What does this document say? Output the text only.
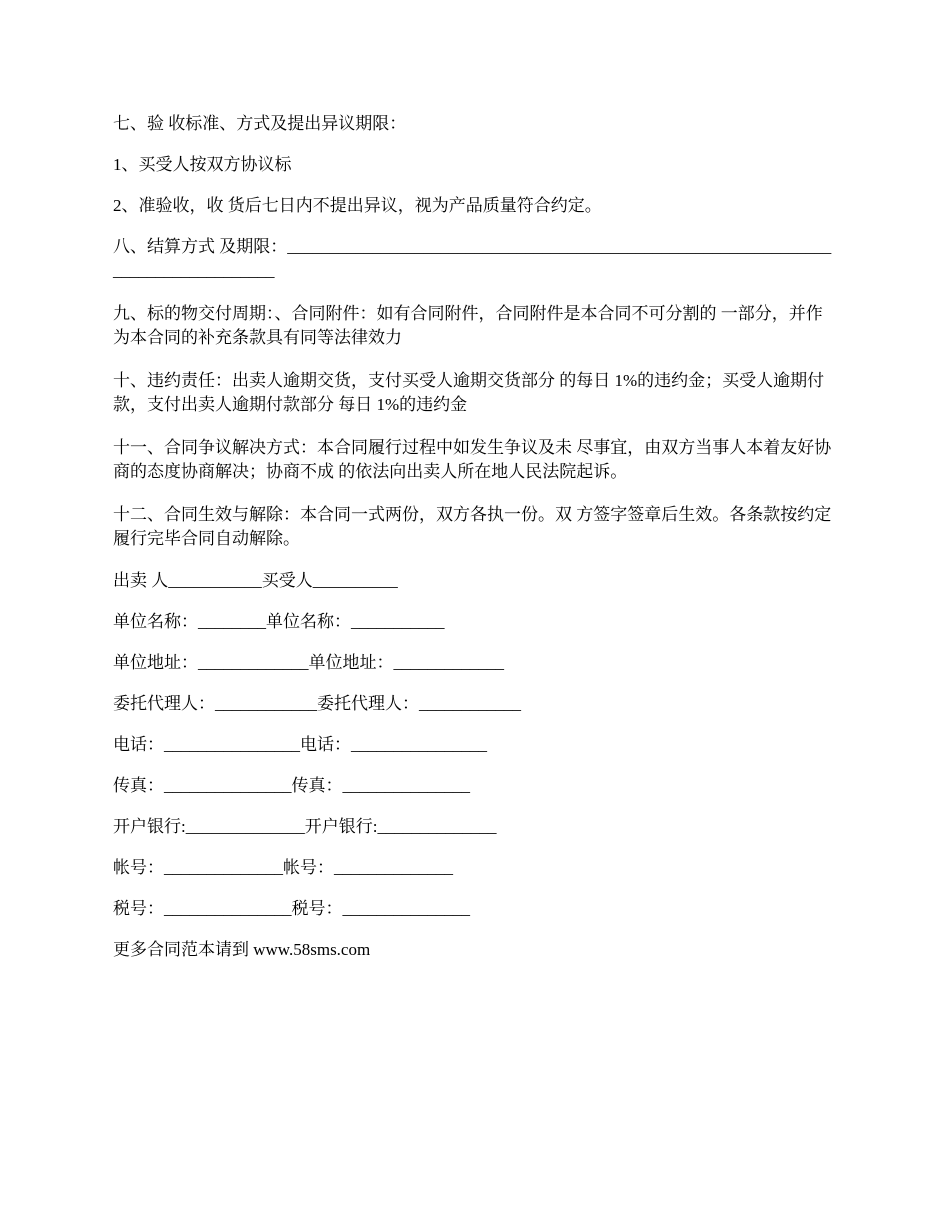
七、验 收标准、方式及提出异议期限：

1、买受人按双方协议标

2、准验收，收 货后七日内不提出异议，视为产品质量符合约定。

八、结算方式 及期限：___________________________________________________________________________________

九、标的物交付周期：、合同附件：如有合同附件，合同附件是本合同不可分割的 一部分，并作为本合同的补充条款具有同等法律效力

十、违约责任：出卖人逾期交货，支付买受人逾期交货部分 的每日 1%的违约金；买受人逾期付款，支付出卖人逾期付款部分 每日 1%的违约金

十一、合同争议解决方式：本合同履行过程中如发生争议及未 尽事宜，由双方当事人本着友好协商的态度协商解决；协商不成 的依法向出卖人所在地人民法院起诉。

十二、合同生效与解除：本合同一式两份，双方各执一份。双 方签字签章后生效。各条款按约定履行完毕合同自动解除。

出卖 人___________买受人__________

单位名称：________单位名称：___________

单位地址：_____________单位地址：_____________

委托代理人：____________委托代理人：____________

电话：________________电话：________________

传真：_______________传真：_______________

开户银行:______________开户银行:______________

帐号：______________帐号：______________

税号：_______________税号：_______________

更多合同范本请到 www.58sms.com
